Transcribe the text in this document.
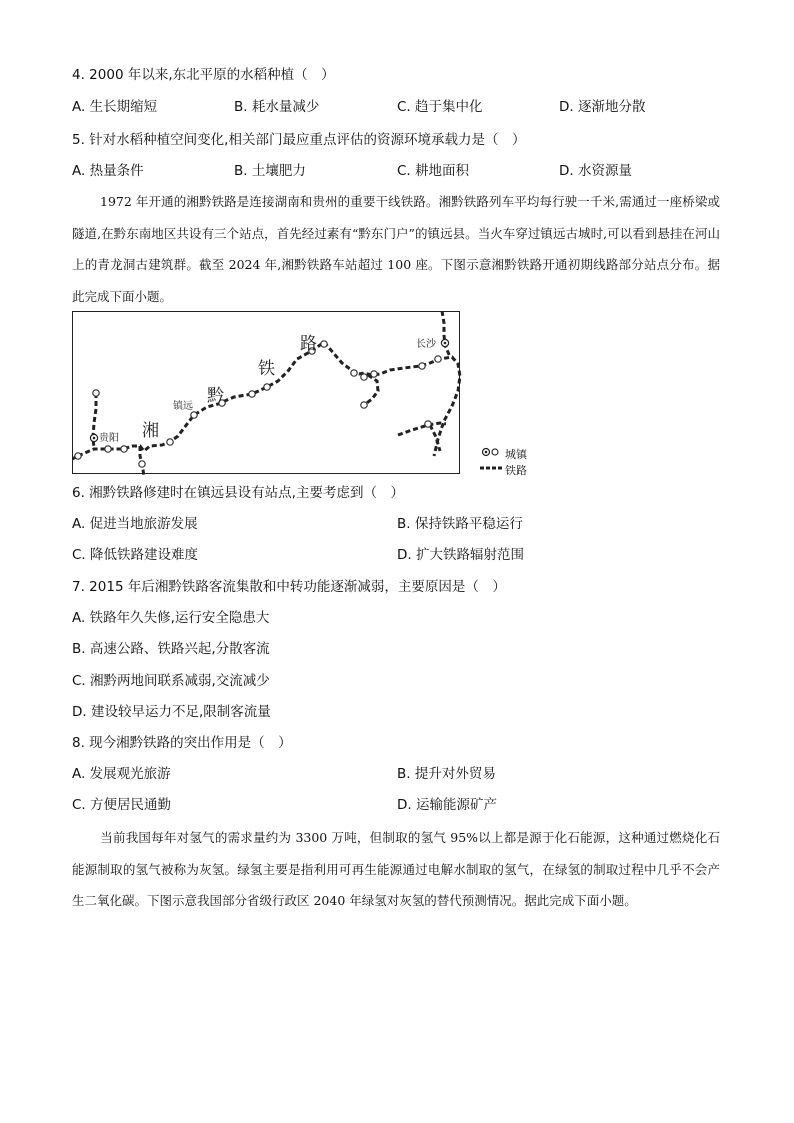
4. 2000 年以来,东北平原的水稻种植（　）
A. 生长期缩短	B. 耗水量减少	C. 趋于集中化	D. 逐渐地分散
5. 针对水稻种植空间变化,相关部门最应重点评估的资源环境承载力是（　）
A. 热量条件	B. 土壤肥力	C. 耕地面积	D. 水资源量
1972 年开通的湘黔铁路是连接湖南和贵州的重要干线铁路。湘黔铁路列车平均每行驶一千米,需通过一座桥梁或隧道,在黔东南地区共设有三个站点，首先经过素有“黔东门户”的镇远县。当火车穿过镇远古城时,可以看到悬挂在河山上的青龙洞古建筑群。截至 2024 年,湘黔铁路车站超过 100 座。下图示意湘黔铁路开通初期线路部分站点分布。据此完成下面小题。
贵阳
镇远
长沙
湘
黔
铁
路
城镇
铁路
6. 湘黔铁路修建时在镇远县设有站点,主要考虑到（　）
A. 促进当地旅游发展	B. 保持铁路平稳运行
C. 降低铁路建设难度	D. 扩大铁路辐射范围
7. 2015 年后湘黔铁路客流集散和中转功能逐渐减弱，主要原因是（　）
A. 铁路年久失修,运行安全隐患大
B. 高速公路、铁路兴起,分散客流
C. 湘黔两地间联系减弱,交流减少
D. 建设较早运力不足,限制客流量
8. 现今湘黔铁路的突出作用是（　）
A. 发展观光旅游	B. 提升对外贸易
C. 方便居民通勤	D. 运输能源矿产
当前我国每年对氢气的需求量约为 3300 万吨，但制取的氢气 95%以上都是源于化石能源，这种通过燃烧化石能源制取的氢气被称为灰氢。绿氢主要是指利用可再生能源通过电解水制取的氢气，在绿氢的制取过程中几乎不会产生二氧化碳。下图示意我国部分省级行政区 2040 年绿氢对灰氢的替代预测情况。据此完成下面小题。
